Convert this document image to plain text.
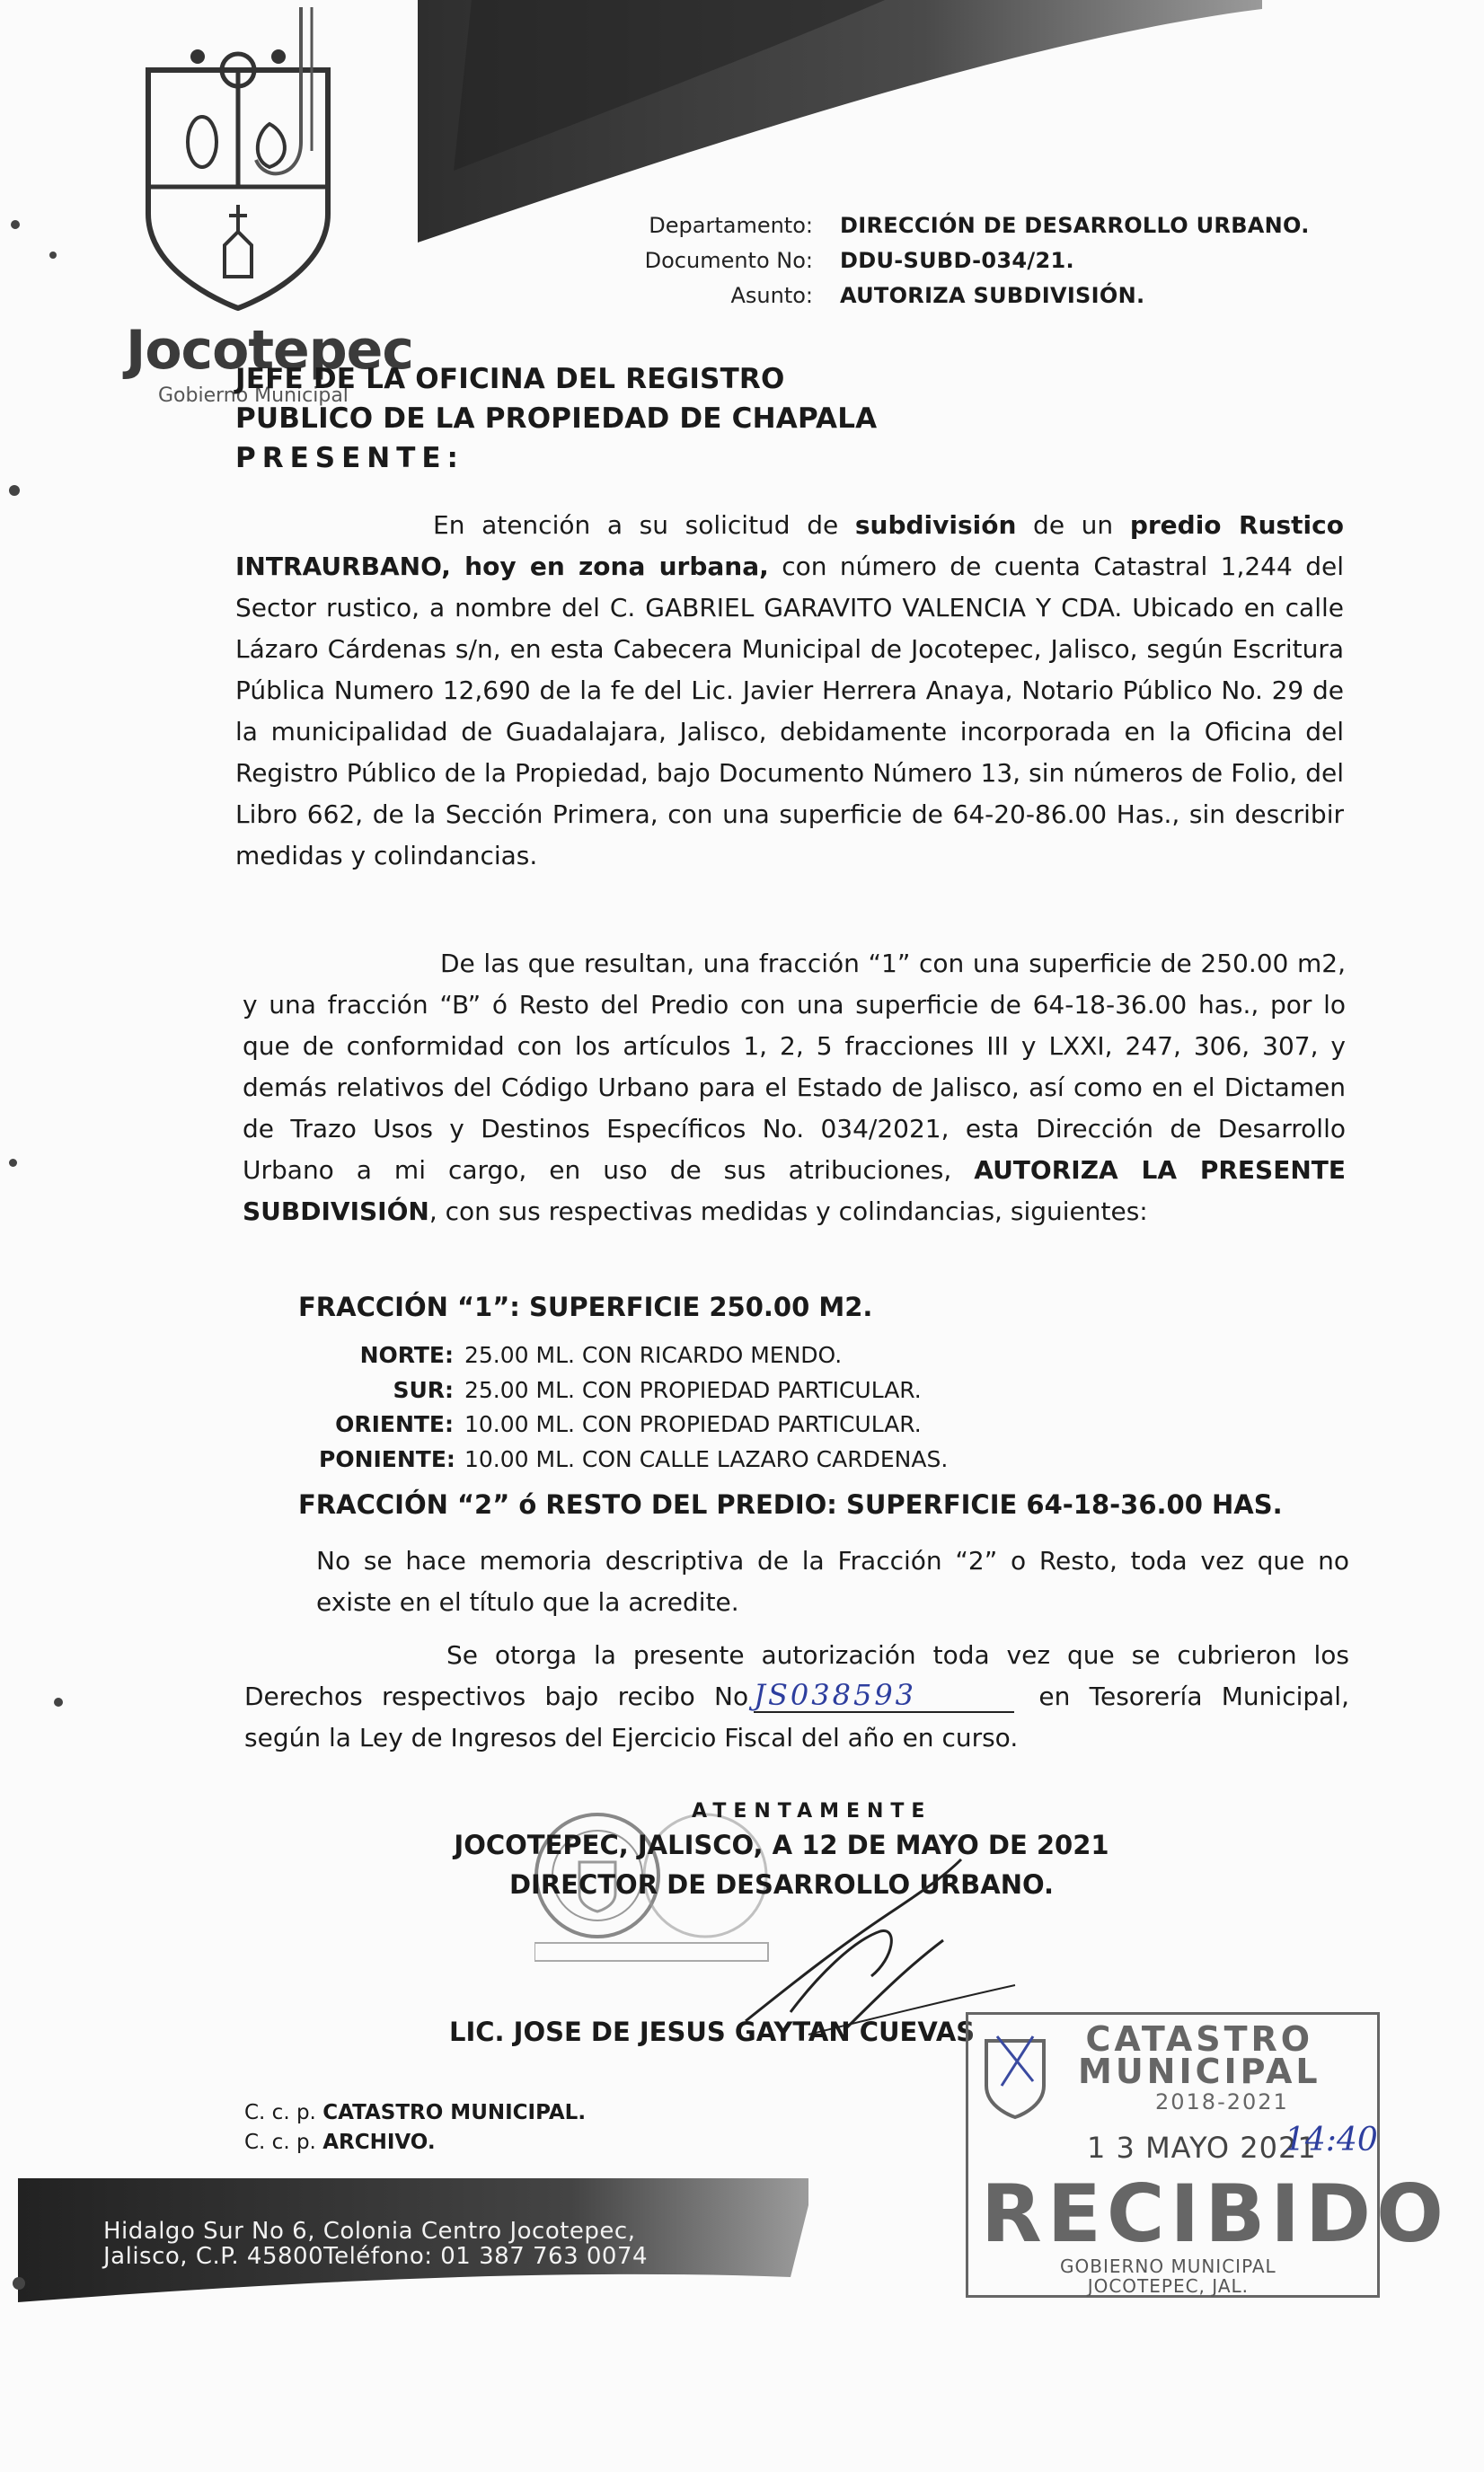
Jocotepec
Gobierno Municipal
Departamento: DIRECCIÓN DE DESARROLLO URBANO.
Documento No: DDU-SUBD-034/21.
Asunto: AUTORIZA SUBDIVISIÓN.
JEFE DE LA OFICINA DEL REGISTRO
PUBLICO DE LA PROPIEDAD DE CHAPALA
PRESENTE:
En atención a su solicitud de subdivisión de un predio Rustico INTRAURBANO, hoy en zona urbana, con número de cuenta Catastral 1,244 del Sector rustico, a nombre del C. GABRIEL GARAVITO VALENCIA Y CDA. Ubicado en calle Lázaro Cárdenas s/n, en esta Cabecera Municipal de Jocotepec, Jalisco, según Escritura Pública Numero 12,690 de la fe del Lic. Javier Herrera Anaya, Notario Público No. 29 de la municipalidad de Guadalajara, Jalisco, debidamente incorporada en la Oficina del Registro Público de la Propiedad, bajo Documento Número 13, sin números de Folio, del Libro 662, de la Sección Primera, con una superficie de 64-20-86.00 Has., sin describir medidas y colindancias.
De las que resultan, una fracción “1” con una superficie de 250.00 m2, y una fracción “B” ó Resto del Predio con una superficie de 64-18-36.00 has., por lo que de conformidad con los artículos 1, 2, 5 fracciones III y LXXI, 247, 306, 307, y demás relativos del Código Urbano para el Estado de Jalisco, así como en el Dictamen de Trazo Usos y Destinos Específicos No. 034/2021, esta Dirección de Desarrollo Urbano a mi cargo, en uso de sus atribuciones, AUTORIZA LA PRESENTE SUBDIVISIÓN, con sus respectivas medidas y colindancias, siguientes:
FRACCIÓN “1”: SUPERFICIE 250.00 M2.
NORTE: 25.00 ML. CON RICARDO MENDO.
SUR: 25.00 ML. CON PROPIEDAD PARTICULAR.
ORIENTE: 10.00 ML. CON PROPIEDAD PARTICULAR.
PONIENTE: 10.00 ML. CON CALLE LAZARO CARDENAS.
FRACCIÓN “2” ó RESTO DEL PREDIO: SUPERFICIE 64-18-36.00 HAS.
No se hace memoria descriptiva de la Fracción “2” o Resto, toda vez que no existe en el título que la acredite.
Se otorga la presente autorización toda vez que se cubrieron los Derechos respectivos bajo recibo No JS038593	en Tesorería Municipal, según la Ley de Ingresos del Ejercicio Fiscal del año en curso.
ATENTAMENTE
JOCOTEPEC, JALISCO, A 12 DE MAYO DE 2021
DIRECTOR DE DESARROLLO URBANO.
LIC. JOSE DE JESUS GAYTAN CUEVAS
C. c. p. CATASTRO MUNICIPAL.
C. c. p. ARCHIVO.
Hidalgo Sur No 6, Colonia Centro Jocotepec,
Jalisco, C.P. 45800Teléfono: 01 387 763 0074
CATASTRO
MUNICIPAL
2018-2021
1 3 MAYO 2021
14:40
RECIBIDO
GOBIERNO MUNICIPAL
JOCOTEPEC, JAL.
